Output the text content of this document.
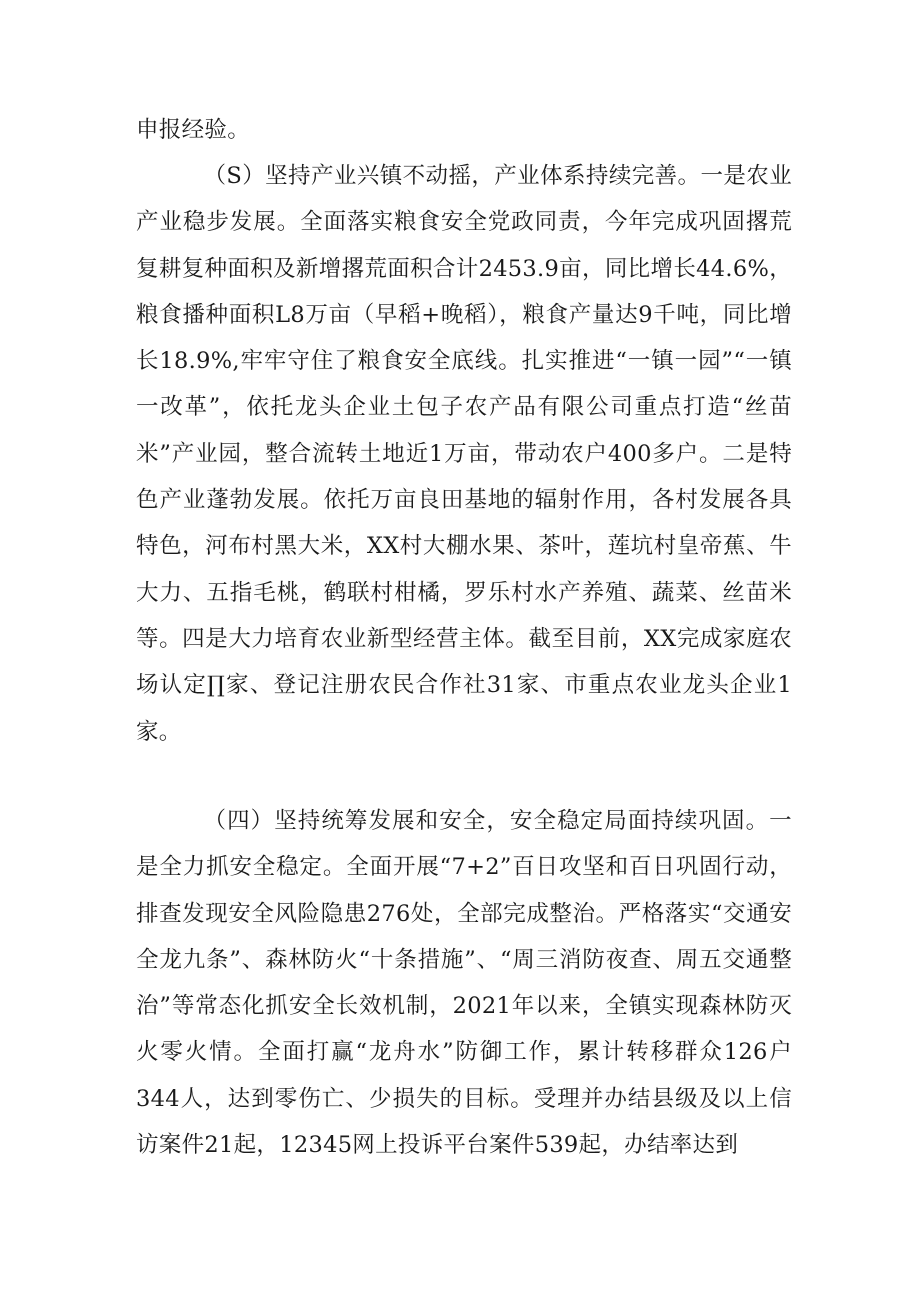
申报经验。

（S）坚持产业兴镇不动摇，产业体系持续完善。一是农业产业稳步发展。全面落实粮食安全党政同责，今年完成巩固撂荒复耕复种面积及新增撂荒面积合计2453.9亩，同比增长44.6%，粮食播种面积L8万亩（早稻+晚稻），粮食产量达9千吨，同比增长18.9%,牢牢守住了粮食安全底线。扎实推进“一镇一园”“一镇一改革”，依托龙头企业土包子农产品有限公司重点打造“丝苗米”产业园，整合流转土地近1万亩，带动农户400多户。二是特色产业蓬勃发展。依托万亩良田基地的辐射作用，各村发展各具特色，河布村黑大米，XX村大棚水果、茶叶，莲坑村皇帝蕉、牛大力、五指毛桃，鹤联村柑橘，罗乐村水产养殖、蔬菜、丝苗米等。四是大力培育农业新型经营主体。截至目前，XX完成家庭农场认定∏家、登记注册农民合作社31家、市重点农业龙头企业1家。

（四）坚持统筹发展和安全，安全稳定局面持续巩固。一是全力抓安全稳定。全面开展“7+2”百日攻坚和百日巩固行动，排查发现安全风险隐患276处，全部完成整治。严格落实“交通安全龙九条”、森林防火“十条措施”、“周三消防夜查、周五交通整治”等常态化抓安全长效机制，2021年以来，全镇实现森林防灭火零火情。全面打赢“龙舟水”防御工作，累计转移群众126户344人，达到零伤亡、少损失的目标。受理并办结县级及以上信访案件21起，12345网上投诉平台案件539起，办结率达到
